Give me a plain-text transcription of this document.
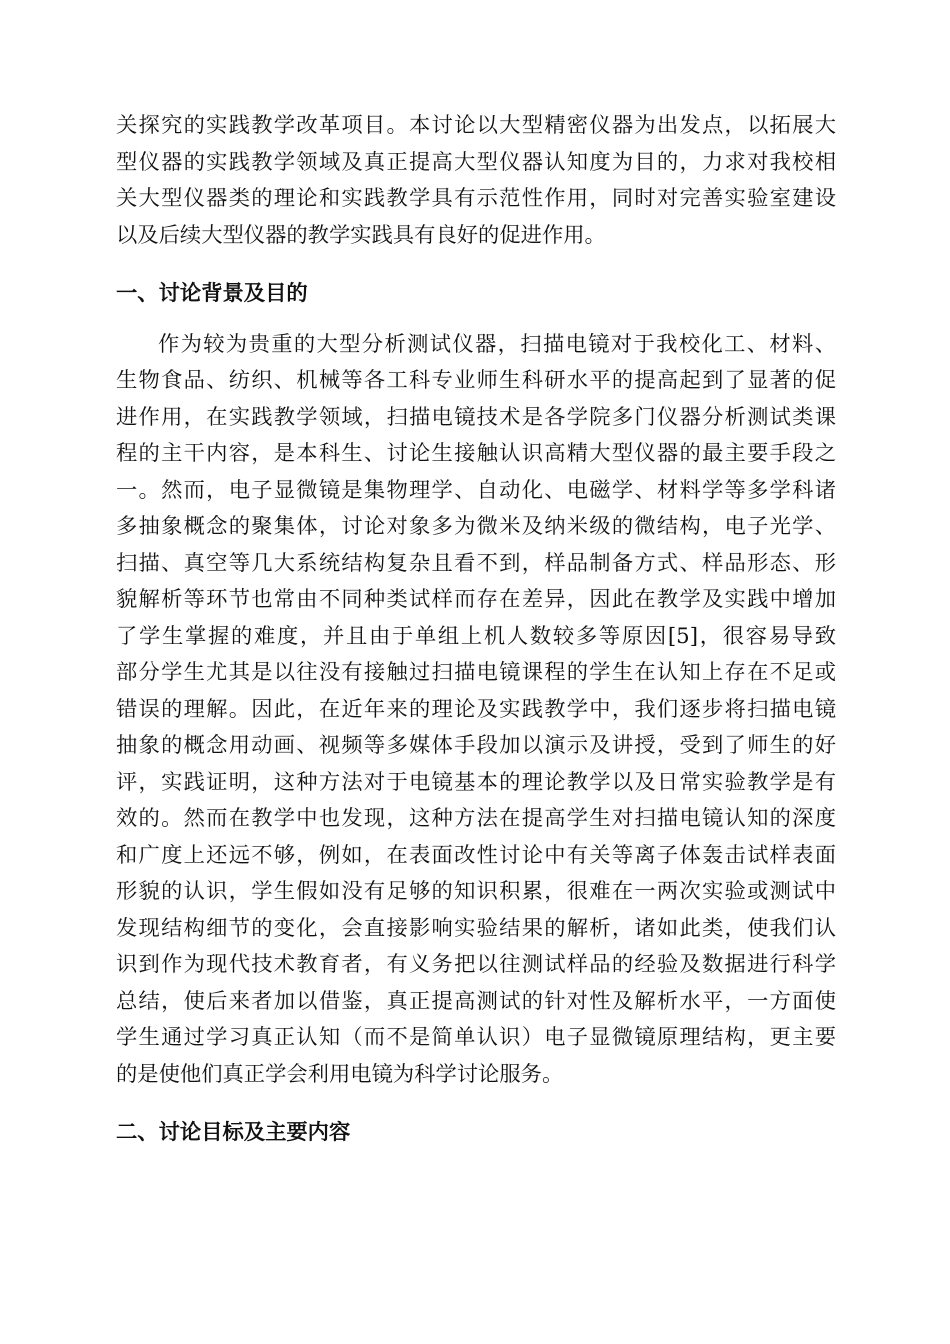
关探究的实践教学改革项目。本讨论以大型精密仪器为出发点，以拓展大
型仪器的实践教学领域及真正提高大型仪器认知度为目的，力求对我校相
关大型仪器类的理论和实践教学具有示范性作用，同时对完善实验室建设
以及后续大型仪器的教学实践具有良好的促进作用。
一、讨论背景及目的
作为较为贵重的大型分析测试仪器，扫描电镜对于我校化工、材料、
生物食品、纺织、机械等各工科专业师生科研水平的提高起到了显著的促
进作用，在实践教学领域，扫描电镜技术是各学院多门仪器分析测试类课
程的主干内容，是本科生、讨论生接触认识高精大型仪器的最主要手段之
一。然而，电子显微镜是集物理学、自动化、电磁学、材料学等多学科诸
多抽象概念的聚集体，讨论对象多为微米及纳米级的微结构，电子光学、
扫描、真空等几大系统结构复杂且看不到，样品制备方式、样品形态、形
貌解析等环节也常由不同种类试样而存在差异，因此在教学及实践中增加
了学生掌握的难度，并且由于单组上机人数较多等原因[5]，很容易导致
部分学生尤其是以往没有接触过扫描电镜课程的学生在认知上存在不足或
错误的理解。因此，在近年来的理论及实践教学中，我们逐步将扫描电镜
抽象的概念用动画、视频等多媒体手段加以演示及讲授，受到了师生的好
评，实践证明，这种方法对于电镜基本的理论教学以及日常实验教学是有
效的。然而在教学中也发现，这种方法在提高学生对扫描电镜认知的深度
和广度上还远不够，例如，在表面改性讨论中有关等离子体轰击试样表面
形貌的认识，学生假如没有足够的知识积累，很难在一两次实验或测试中
发现结构细节的变化，会直接影响实验结果的解析，诸如此类，使我们认
识到作为现代技术教育者，有义务把以往测试样品的经验及数据进行科学
总结，使后来者加以借鉴，真正提高测试的针对性及解析水平，一方面使
学生通过学习真正认知（而不是简单认识）电子显微镜原理结构，更主要
的是使他们真正学会利用电镜为科学讨论服务。
二、讨论目标及主要内容
